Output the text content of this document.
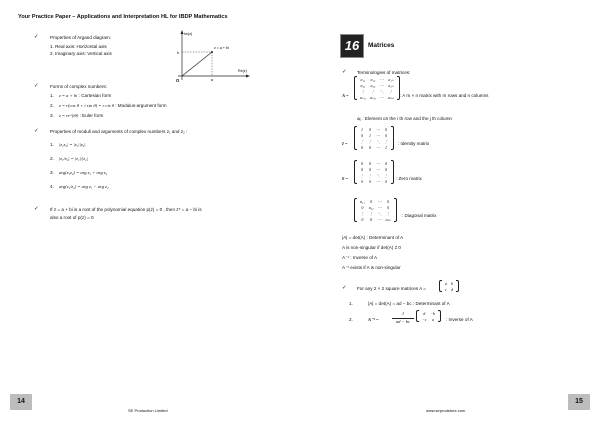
Your Practice Paper – Applications and Interpretation HL for IBDP Mathematics
✓ Properties of Argand diagram:
1. Real axis: Horizontal axis
2. Imaginary axis: Vertical axis
Im(z)
Re(z)
z = a + bi
b
a
O
✓ Forms of complex numbers:
1. z = a + bi : Cartesian form
2. z = r(cos θ + i sin θ) = r cis θ : Modulus-argument form
3. z = re^(iθ) : Euler form
✓ Properties of moduli and arguments of complex numbers z₁ and z₂ :
1. |z₁z₂| = |z₁||z₂|
2. |z₁/z₂| = |z₁|/|z₂|
3. arg(z₁z₂) = arg z₁ + arg z₂
4. arg(z₁/z₂) = arg z₁ − arg z₂
✓ If z = a + bi is a root of the polynomial equation p(z) = 0 , then z* = a − bi is
also a root of p(z) = 0
14
SE Production Limited
16	Matrices
✓ Terminologies of matrices:
A =
a₁₁	a₁₂	⋯	a₁ₙ
a₂₁	a₂₂	⋯	a₂ₙ
⋮	⋮	⋱	⋮
aₘ₁	aₘ₂	⋯	aₘₙ : A m × n matrix with m rows and n columns
aᵢⱼ : Element on the i th row and the j th column
I =
1	0	⋯	0
0	1	⋯	0
⋮	⋮	⋱	⋮
0	0	⋯	1
: Identity matrix
0 =
0	0	⋯	0
0	0	⋯	0
⋮	⋮	⋱	⋮
0	0	⋯	0 : Zero matrix
a₁₁	0	⋯	0
0	a₂₂	⋯	0
⋮	⋮	⋱	⋮
0	0	⋯	aₙₙ
: Diagonal matrix
|A| = det(A) : Determinant of A
A is non-singular if det(A) ≠ 0
A⁻¹ : Inverse of A
A⁻¹ exists if A is non-singular
✓ For any 2 × 2 square matrices A =
a	b
c	d
1.	|A| = det(A) = ad − bc : Determinant of A
2.	A⁻¹ =
1
ad − bc
d	−b
−c	a	: Inverse of A
15
www.seprodstore.com
